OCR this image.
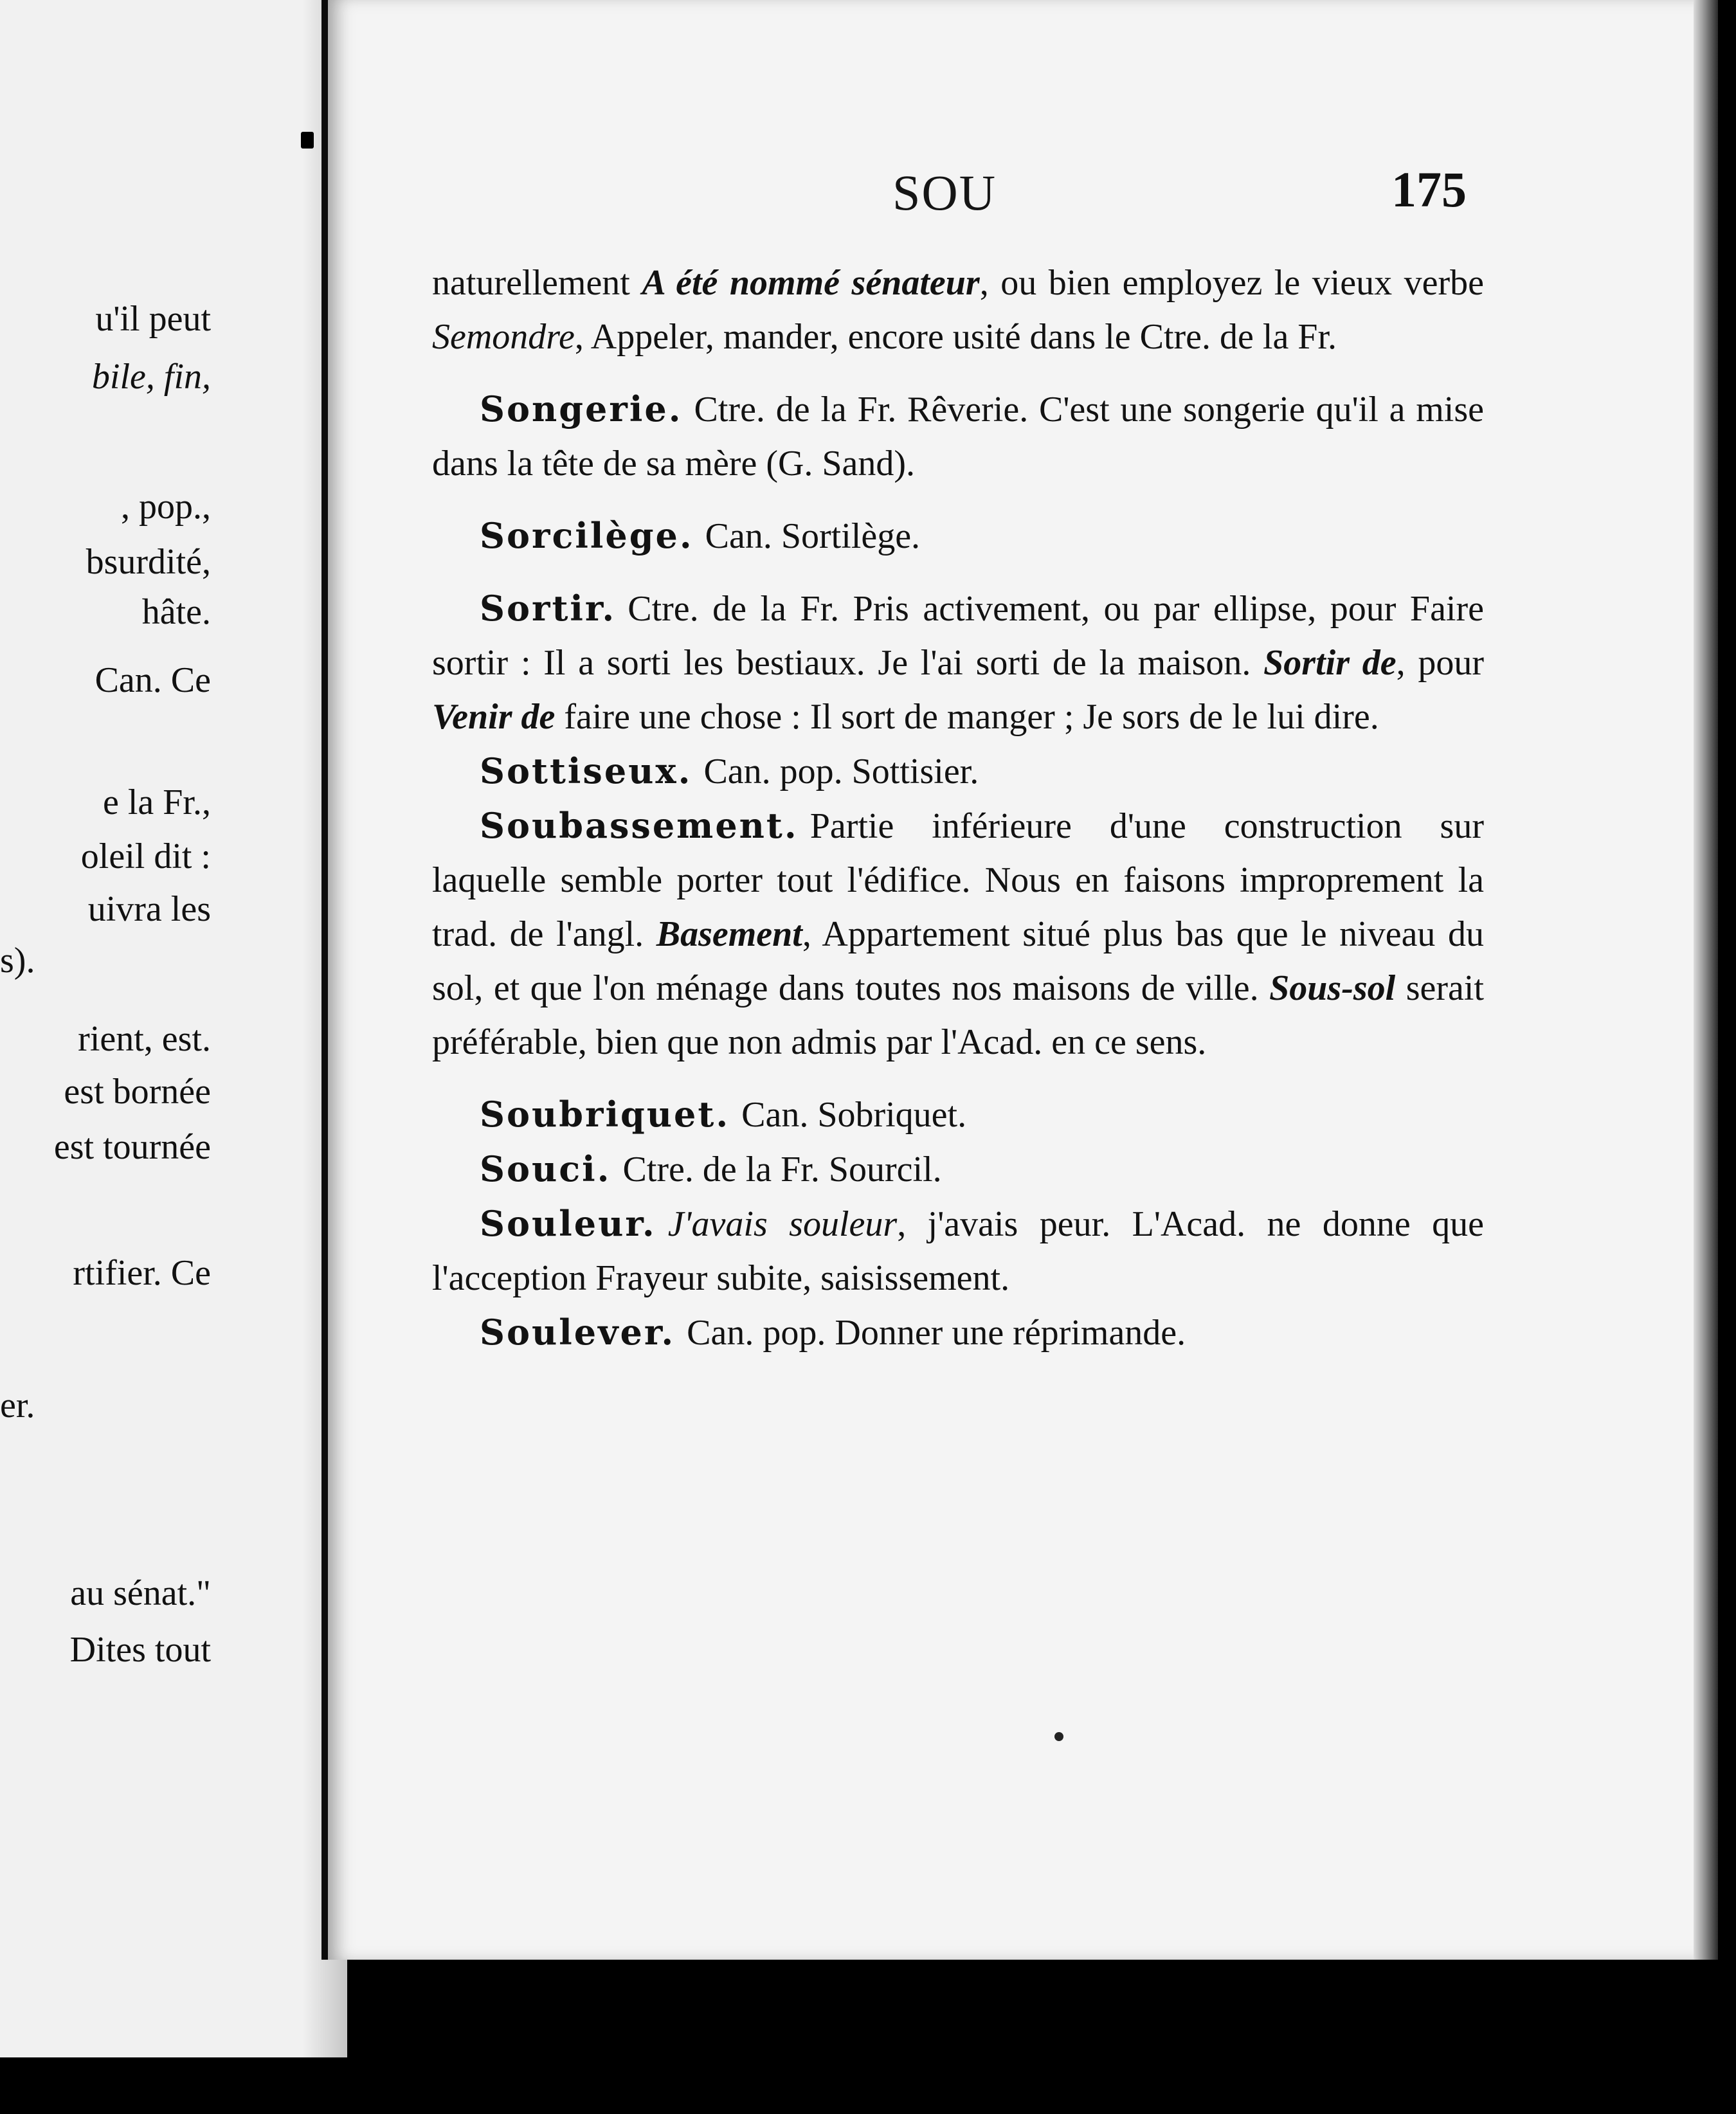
u'il peut
bile, fin,
, pop.,
bsurdité,
hâte.
Can. Ce
e la Fr.,
oleil dit :
uivra les
s).
rient, est.
est bornée
est tournée
rtifier. Ce
er.
au sénat."
Dites tout
SOU	175

naturellement A été nommé sénateur, ou bien employez le vieux verbe Semondre, Appeler, mander, encore usité dans le Ctre. de la Fr.

Songerie. Ctre. de la Fr. Rêverie. C'est une songerie qu'il a mise dans la tête de sa mère (G. Sand).

Sorcilège. Can. Sortilège.

Sortir. Ctre. de la Fr. Pris activement, ou par ellipse, pour Faire sortir : Il a sorti les bestiaux. Je l'ai sorti de la maison. Sortir de, pour Venir de faire une chose : Il sort de manger ; Je sors de le lui dire.

Sottiseux. Can. pop. Sottisier.

Soubassement. Partie inférieure d'une construction sur laquelle semble porter tout l'édifice. Nous en faisons improprement la trad. de l'angl. Basement, Appartement situé plus bas que le niveau du sol, et que l'on ménage dans toutes nos maisons de ville. Sous-sol serait préférable, bien que non admis par l'Acad. en ce sens.

Soubriquet. Can. Sobriquet.

Souci. Ctre. de la Fr. Sourcil.

Souleur. J'avais souleur, j'avais peur. L'Acad. ne donne que l'acception Frayeur subite, saisissement.

Soulever. Can. pop. Donner une réprimande.
